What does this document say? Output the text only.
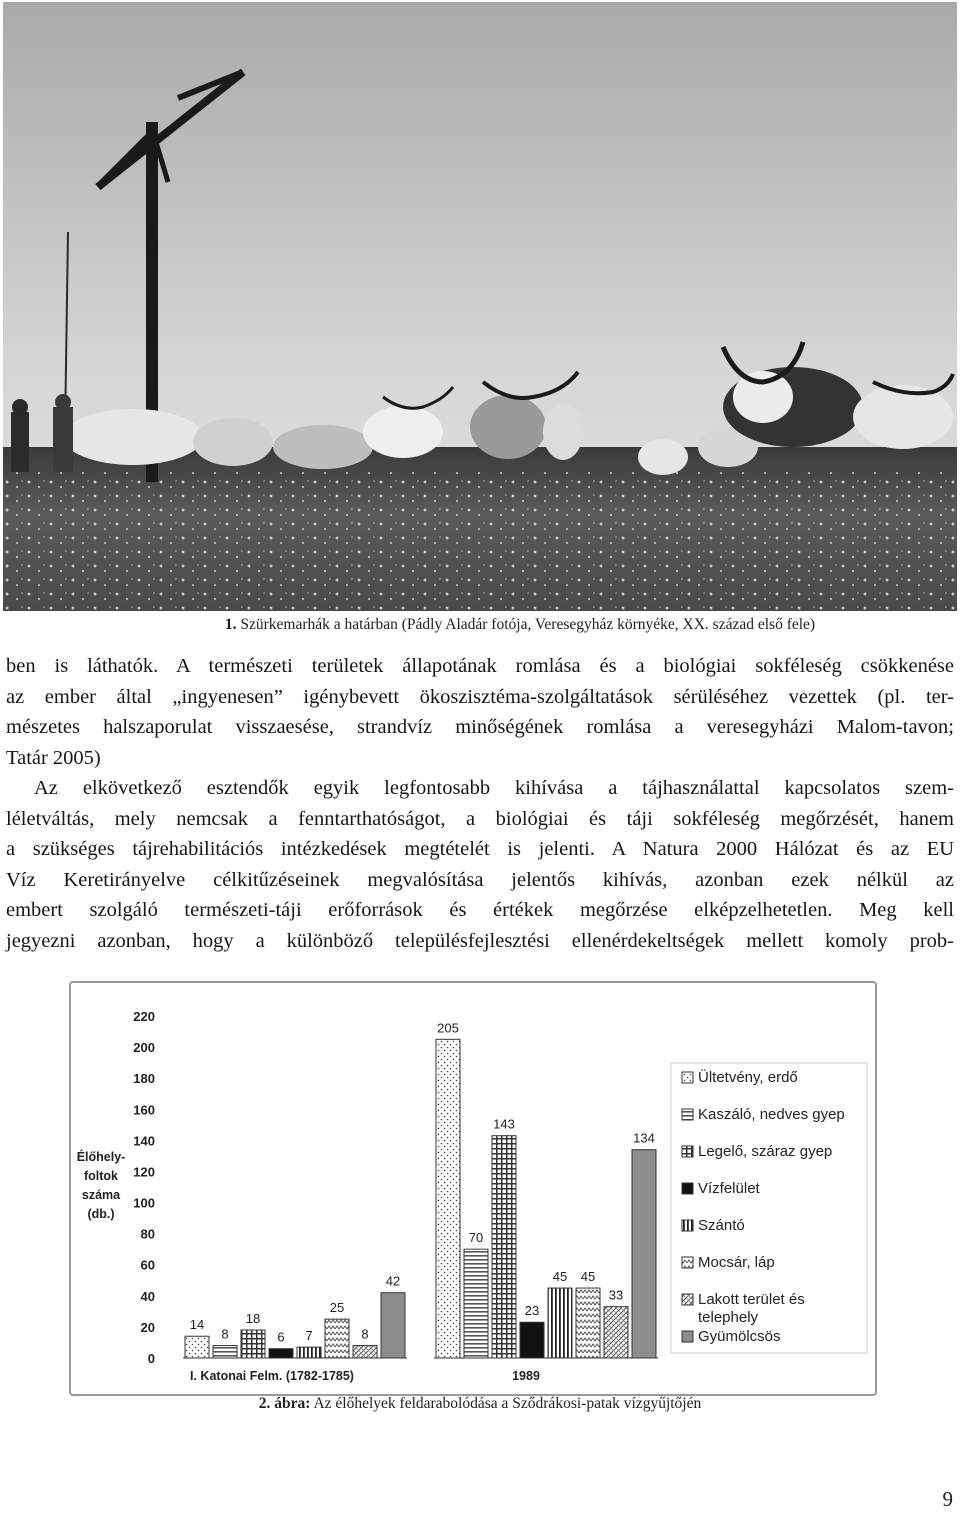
1. Szürkemarhák a határban (Pádly Aladár fotója, Veresegyház környéke, XX. század első fele)

ben is láthatók. A természeti területek állapotának romlása és a biológiai sokféleség csökkenése

az ember által „ingyenesen” igénybevett ökoszisztéma-szolgáltatások sérüléséhez vezettek (pl. ter-

mészetes halszaporulat visszaesése, strandvíz minőségének romlása a veresegyházi Malom-tavon;

Tatár 2005)

Az elkövetkező esztendők egyik legfontosabb kihívása a tájhasználattal kapcsolatos szem-

léletváltás, mely nemcsak a fenntarthatóságot, a biológiai és táji sokféleség megőrzését, hanem

a szükséges tájrehabilitációs intézkedések megtételét is jelenti. A Natura 2000 Hálózat és az EU

Víz Keretirányelve célkitűzéseinek megvalósítása jelentős kihívás, azonban ezek nélkül az

embert szolgáló természeti-táji erőforrások és értékek megőrzése elképzelhetetlen. Meg kell

jegyezni azonban, hogy a különböző településfejlesztési ellenérdekeltségek mellett komoly prob-

0
20
40
60
80
100
120
140
160
180
200
220
Élőhely-
foltok
száma
(db.)
14
8
18
6 7
25
8
42
205
70
143
23
45 45
33
134
I. Katonai Felm. (1782-1785)	1989
Ültetvény, erdő
Kaszáló, nedves gyep
Legelő, száraz gyep
Vízfelület
Szántó
Mocsár, láp
Lakott terület és
telephely
Gyümölcsös
2. ábra: Az élőhelyek feldarabolódása a Sződrákosi-patak vízgyűjtőjén
9
